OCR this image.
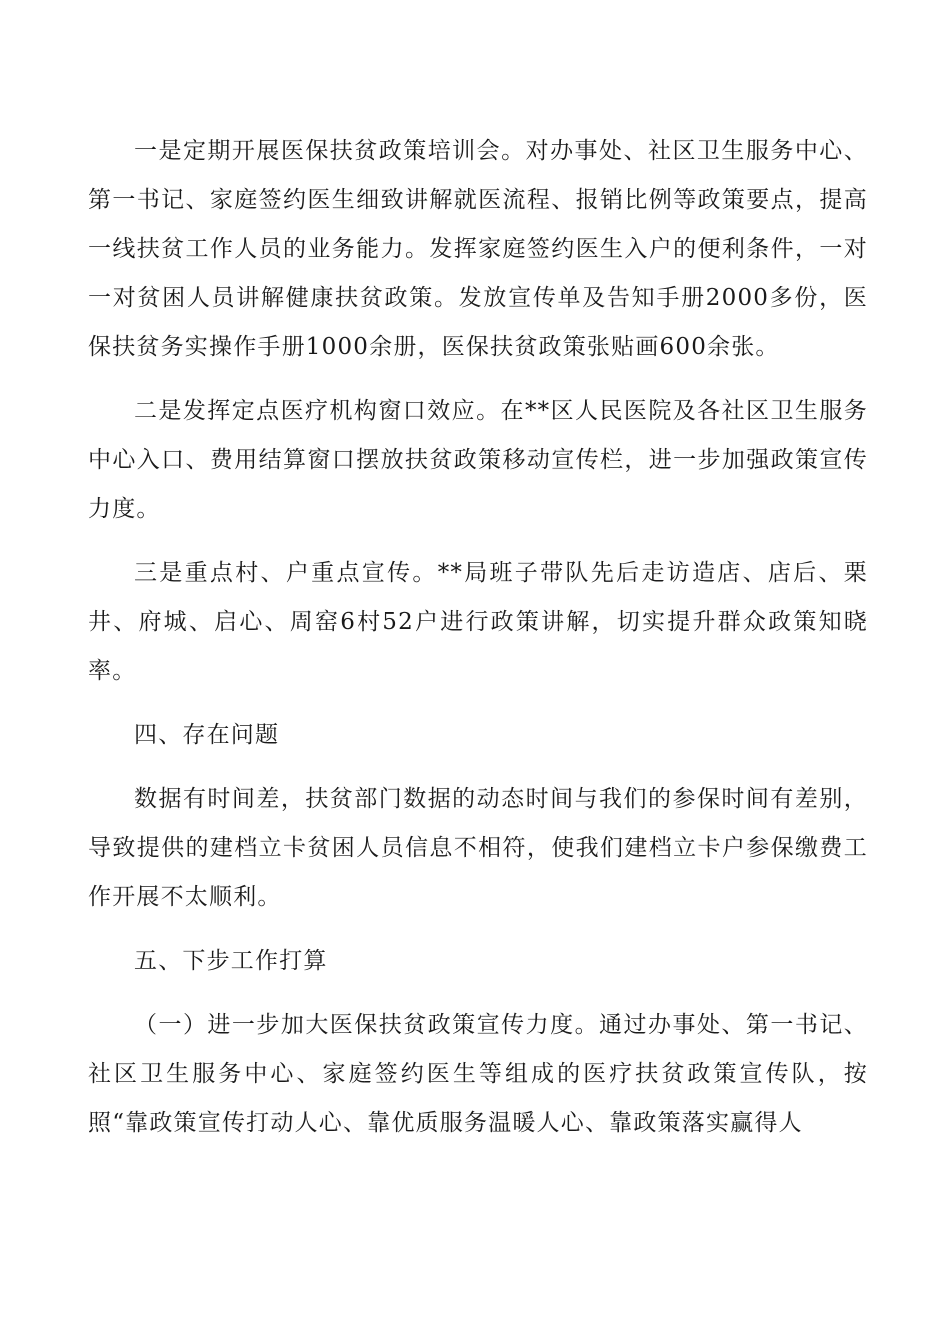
一是定期开展医保扶贫政策培训会。对办事处、社区卫生服务中心、第一书记、家庭签约医生细致讲解就医流程、报销比例等政策要点，提高一线扶贫工作人员的业务能力。发挥家庭签约医生入户的便利条件，一对一对贫困人员讲解健康扶贫政策。发放宣传单及告知手册2000多份，医保扶贫务实操作手册1000余册，医保扶贫政策张贴画600余张。

二是发挥定点医疗机构窗口效应。在**区人民医院及各社区卫生服务中心入口、费用结算窗口摆放扶贫政策移动宣传栏，进一步加强政策宣传力度。

三是重点村、户重点宣传。**局班子带队先后走访造店、店后、栗井、府城、启心、周窑6村52户进行政策讲解，切实提升群众政策知晓率。

四、存在问题

数据有时间差，扶贫部门数据的动态时间与我们的参保时间有差别，导致提供的建档立卡贫困人员信息不相符，使我们建档立卡户参保缴费工作开展不太顺利。

五、下步工作打算

（一）进一步加大医保扶贫政策宣传力度。通过办事处、第一书记、社区卫生服务中心、家庭签约医生等组成的医疗扶贫政策宣传队，按照“靠政策宣传打动人心、靠优质服务温暖人心、靠政策落实赢得人
